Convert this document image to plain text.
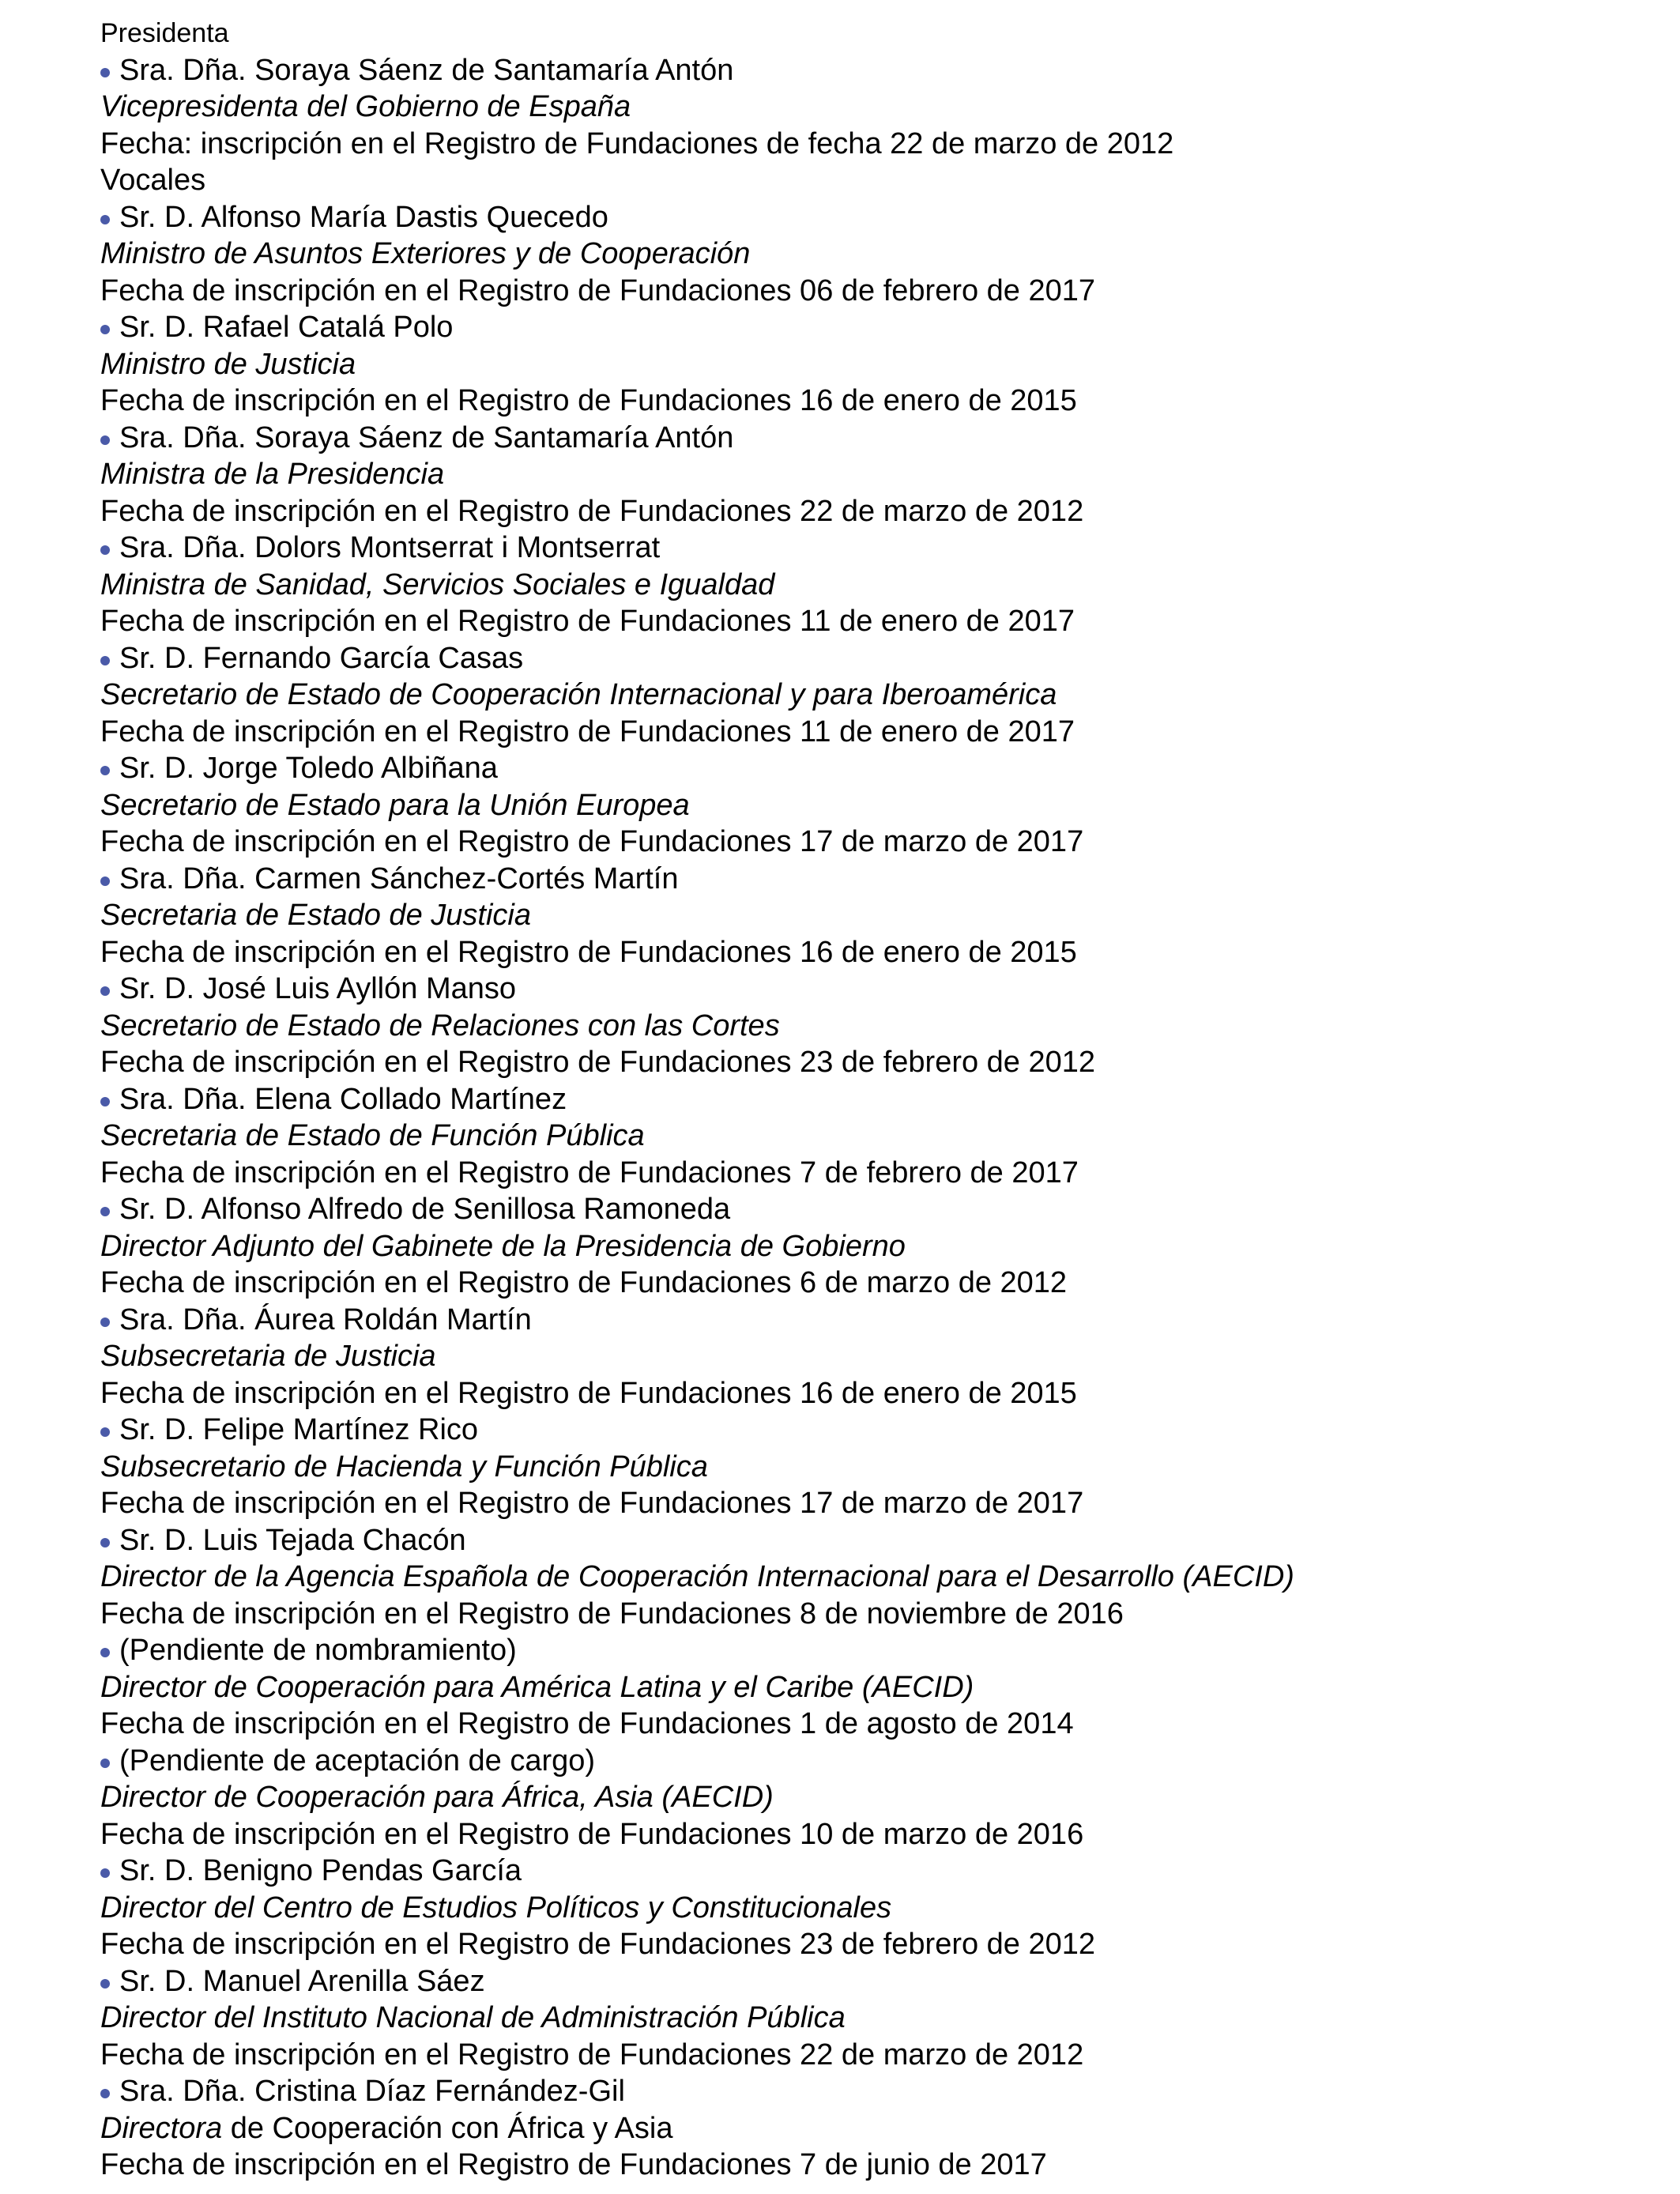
Presidenta
Sra. Dña. Soraya Sáenz de Santamaría Antón
Vicepresidenta del Gobierno de España
Fecha: inscripción en el Registro de Fundaciones de fecha 22 de marzo de 2012
Vocales
Sr. D. Alfonso María Dastis Quecedo
Ministro de Asuntos Exteriores y de Cooperación
Fecha de inscripción en el Registro de Fundaciones 06 de febrero de 2017
Sr. D. Rafael Catalá Polo
Ministro de Justicia
Fecha de inscripción en el Registro de Fundaciones 16 de enero de 2015
Sra. Dña. Soraya Sáenz de Santamaría Antón
Ministra de la Presidencia
Fecha de inscripción en el Registro de Fundaciones 22 de marzo de 2012
Sra. Dña. Dolors Montserrat i Montserrat
Ministra de Sanidad, Servicios Sociales e Igualdad
Fecha de inscripción en el Registro de Fundaciones 11 de enero de 2017
Sr. D. Fernando García Casas
Secretario de Estado de Cooperación Internacional y para Iberoamérica
Fecha de inscripción en el Registro de Fundaciones 11 de enero de 2017
Sr. D. Jorge Toledo Albiñana
Secretario de Estado para la Unión Europea
Fecha de inscripción en el Registro de Fundaciones 17 de marzo de 2017
Sra. Dña. Carmen Sánchez-Cortés Martín
Secretaria de Estado de Justicia
Fecha de inscripción en el Registro de Fundaciones 16 de enero de 2015
Sr. D. José Luis Ayllón Manso
Secretario de Estado de Relaciones con las Cortes
Fecha de inscripción en el Registro de Fundaciones 23 de febrero de 2012
Sra. Dña. Elena Collado Martínez
Secretaria de Estado de Función Pública
Fecha de inscripción en el Registro de Fundaciones 7 de febrero de 2017
Sr. D. Alfonso Alfredo de Senillosa Ramoneda
Director Adjunto del Gabinete de la Presidencia de Gobierno
Fecha de inscripción en el Registro de Fundaciones 6 de marzo de 2012
Sra. Dña. Áurea Roldán Martín
Subsecretaria de Justicia
Fecha de inscripción en el Registro de Fundaciones 16 de enero de 2015
Sr. D. Felipe Martínez Rico
Subsecretario de Hacienda y Función Pública
Fecha de inscripción en el Registro de Fundaciones 17 de marzo de 2017
Sr. D. Luis Tejada Chacón
Director de la Agencia Española de Cooperación Internacional para el Desarrollo (AECID)
Fecha de inscripción en el Registro de Fundaciones 8 de noviembre de 2016
(Pendiente de nombramiento)
Director de Cooperación para América Latina y el Caribe (AECID)
Fecha de inscripción en el Registro de Fundaciones 1 de agosto de 2014
(Pendiente de aceptación de cargo)
Director de Cooperación para África, Asia (AECID)
Fecha de inscripción en el Registro de Fundaciones 10 de marzo de 2016
Sr. D. Benigno Pendas García
Director del Centro de Estudios Políticos y Constitucionales
Fecha de inscripción en el Registro de Fundaciones 23 de febrero de 2012
Sr. D. Manuel Arenilla Sáez
Director del Instituto Nacional de Administración Pública
Fecha de inscripción en el Registro de Fundaciones 22 de marzo de 2012
Sra. Dña. Cristina Díaz Fernández-Gil
Directora de Cooperación con África y Asia
Fecha de inscripción en el Registro de Fundaciones 7 de junio de 2017
